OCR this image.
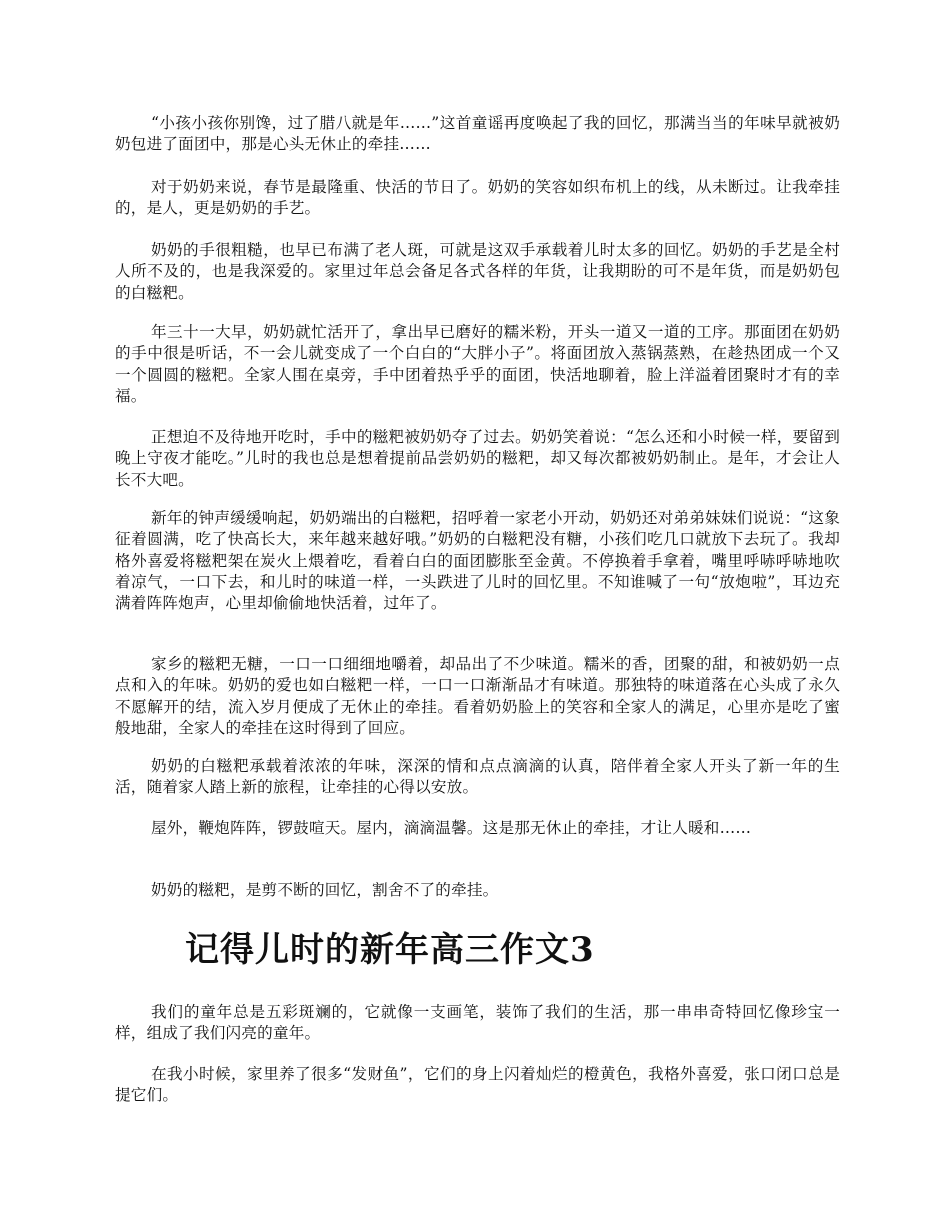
“小孩小孩你别馋，过了腊八就是年……”这首童谣再度唤起了我的回忆，那满当当的年味早就被奶奶包进了面团中，那是心头无休止的牵挂……

对于奶奶来说，春节是最隆重、快活的节日了。奶奶的笑容如织布机上的线，从未断过。让我牵挂的，是人，更是奶奶的手艺。

奶奶的手很粗糙，也早已布满了老人斑，可就是这双手承载着儿时太多的回忆。奶奶的手艺是全村人所不及的，也是我深爱的。家里过年总会备足各式各样的年货，让我期盼的可不是年货，而是奶奶包的白糍粑。

年三十一大早，奶奶就忙活开了，拿出早已磨好的糯米粉，开头一道又一道的工序。那面团在奶奶的手中很是听话，不一会儿就变成了一个白白的“大胖小子”。将面团放入蒸锅蒸熟，在趁热团成一个又一个圆圆的糍粑。全家人围在桌旁，手中团着热乎乎的面团，快活地聊着，脸上洋溢着团聚时才有的幸福。

正想迫不及待地开吃时，手中的糍粑被奶奶夺了过去。奶奶笑着说：“怎么还和小时候一样，要留到晚上守夜才能吃。”儿时的我也总是想着提前品尝奶奶的糍粑，却又每次都被奶奶制止。是年，才会让人长不大吧。

新年的钟声缓缓响起，奶奶端出的白糍粑，招呼着一家老小开动，奶奶还对弟弟妹妹们说说：“这象征着圆满，吃了快高长大，来年越来越好哦。”奶奶的白糍粑没有糖，小孩们吃几口就放下去玩了。我却格外喜爱将糍粑架在炭火上煨着吃，看着白白的面团膨胀至金黄。不停换着手拿着，嘴里呼哧呼哧地吹着凉气，一口下去，和儿时的味道一样，一头跌进了儿时的回忆里。不知谁喊了一句“放炮啦”，耳边充满着阵阵炮声，心里却偷偷地快活着，过年了。

家乡的糍粑无糖，一口一口细细地嚼着，却品出了不少味道。糯米的香，团聚的甜，和被奶奶一点点和入的年味。奶奶的爱也如白糍粑一样，一口一口渐渐品才有味道。那独特的味道落在心头成了永久不愿解开的结，流入岁月便成了无休止的牵挂。看着奶奶脸上的笑容和全家人的满足，心里亦是吃了蜜般地甜，全家人的牵挂在这时得到了回应。

奶奶的白糍粑承载着浓浓的年味，深深的情和点点滴滴的认真，陪伴着全家人开头了新一年的生活，随着家人踏上新的旅程，让牵挂的心得以安放。

屋外，鞭炮阵阵，锣鼓喧天。屋内，滴滴温馨。这是那无休止的牵挂，才让人暖和……

奶奶的糍粑，是剪不断的回忆，割舍不了的牵挂。

记得儿时的新年高三作文3

我们的童年总是五彩斑斓的，它就像一支画笔，装饰了我们的生活，那一串串奇特回忆像珍宝一样，组成了我们闪亮的童年。

在我小时候，家里养了很多“发财鱼”，它们的身上闪着灿烂的橙黄色，我格外喜爱，张口闭口总是提它们。
